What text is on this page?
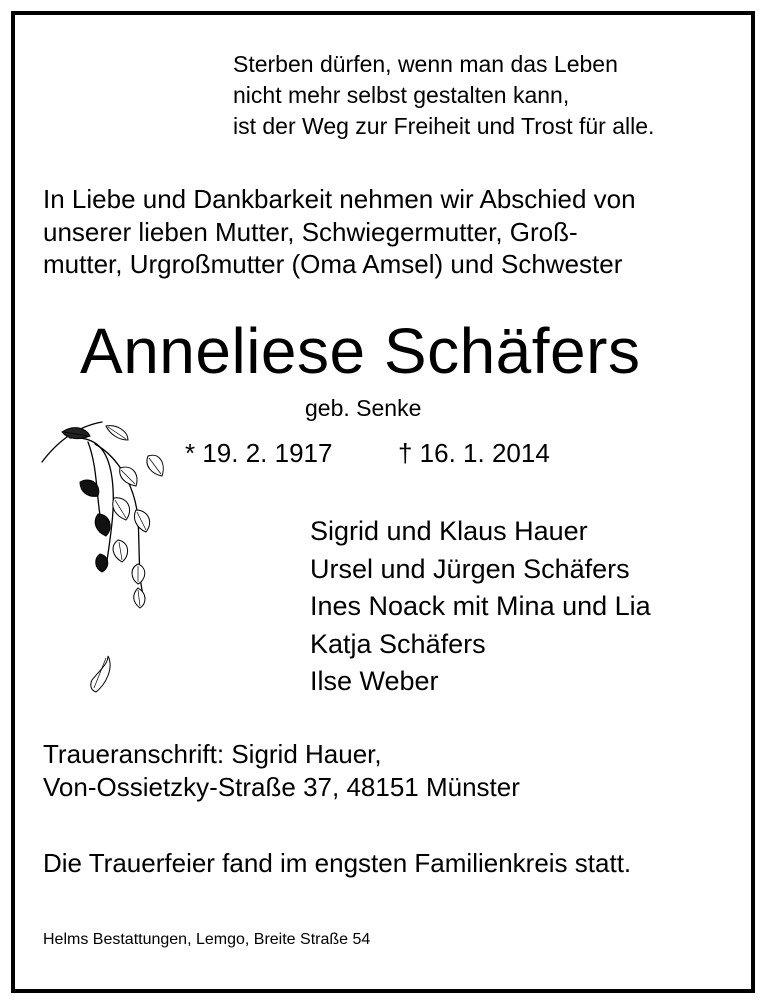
Sterben dürfen, wenn man das Leben
nicht mehr selbst gestalten kann,
ist der Weg zur Freiheit und Trost für alle.
In Liebe und Dankbarkeit nehmen wir Abschied von
unserer lieben Mutter, Schwiegermutter, Groß-
mutter, Urgroßmutter (Oma Amsel) und Schwester
Anneliese Schäfers
geb. Senke
* 19. 2. 1917	† 16. 1. 2014
Sigrid und Klaus Hauer
Ursel und Jürgen Schäfers
Ines Noack mit Mina und Lia
Katja Schäfers
Ilse Weber
Traueranschrift: Sigrid Hauer,
Von-Ossietzky-Straße 37, 48151 Münster
Die Trauerfeier fand im engsten Familienkreis statt.
Helms Bestattungen, Lemgo, Breite Straße 54
